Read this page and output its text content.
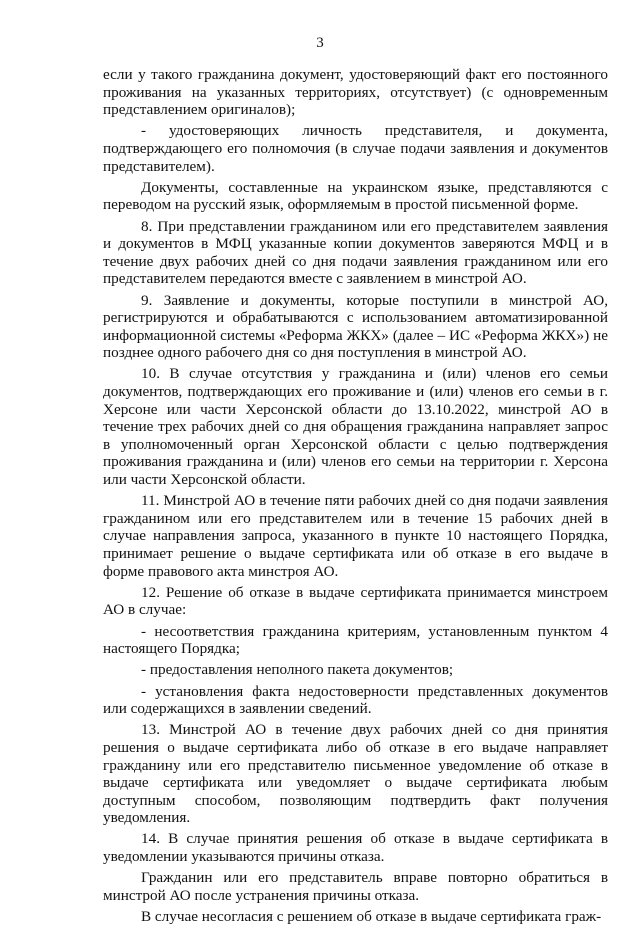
3

если у такого гражданина документ, удостоверяющий факт его постоянного проживания на указанных территориях, отсутствует) (с одновременным представлением оригиналов);

- удостоверяющих личность представителя, и документа, подтверждающего его полномочия (в случае подачи заявления и документов представителем).

Документы, составленные на украинском языке, представляются с переводом на русский язык, оформляемым в простой письменной форме.

8. При представлении гражданином или его представителем заявления и документов в МФЦ указанные копии документов заверяются МФЦ и в течение двух рабочих дней со дня подачи заявления гражданином или его представителем передаются вместе с заявлением в минстрой АО.

9. Заявление и документы, которые поступили в минстрой АО, регистрируются и обрабатываются с использованием автоматизированной информационной системы «Реформа ЖКХ» (далее – ИС «Реформа ЖКХ») не позднее одного рабочего дня со дня поступления в минстрой АО.

10. В случае отсутствия у гражданина и (или) членов его семьи документов, подтверждающих его проживание и (или) членов его семьи в г. Херсоне или части Херсонской области до 13.10.2022, минстрой АО в течение трех рабочих дней со дня обращения гражданина направляет запрос в уполномоченный орган Херсонской области с целью подтверждения проживания гражданина и (или) членов его семьи на территории г. Херсона или части Херсонской области.

11. Минстрой АО в течение пяти рабочих дней со дня подачи заявления гражданином или его представителем или в течение 15 рабочих дней в случае направления запроса, указанного в пункте 10 настоящего Порядка, принимает решение о выдаче сертификата или об отказе в его выдаче в форме правового акта минстроя АО.

12. Решение об отказе в выдаче сертификата принимается минстроем АО в случае:

- несоответствия гражданина критериям, установленным пунктом 4 настоящего Порядка;

- предоставления неполного пакета документов;

- установления факта недостоверности представленных документов или содержащихся в заявлении сведений.

13. Минстрой АО в течение двух рабочих дней со дня принятия решения о выдаче сертификата либо об отказе в его выдаче направляет гражданину или его представителю письменное уведомление об отказе в выдаче сертификата или уведомляет о выдаче сертификата любым доступным способом, позволяющим подтвердить факт получения уведомления.

14. В случае принятия решения об отказе в выдаче сертификата в уведомлении указываются причины отказа.

Гражданин или его представитель вправе повторно обратиться в минстрой АО после устранения причины отказа.

В случае несогласия с решением об отказе в выдаче сертификата граж-
